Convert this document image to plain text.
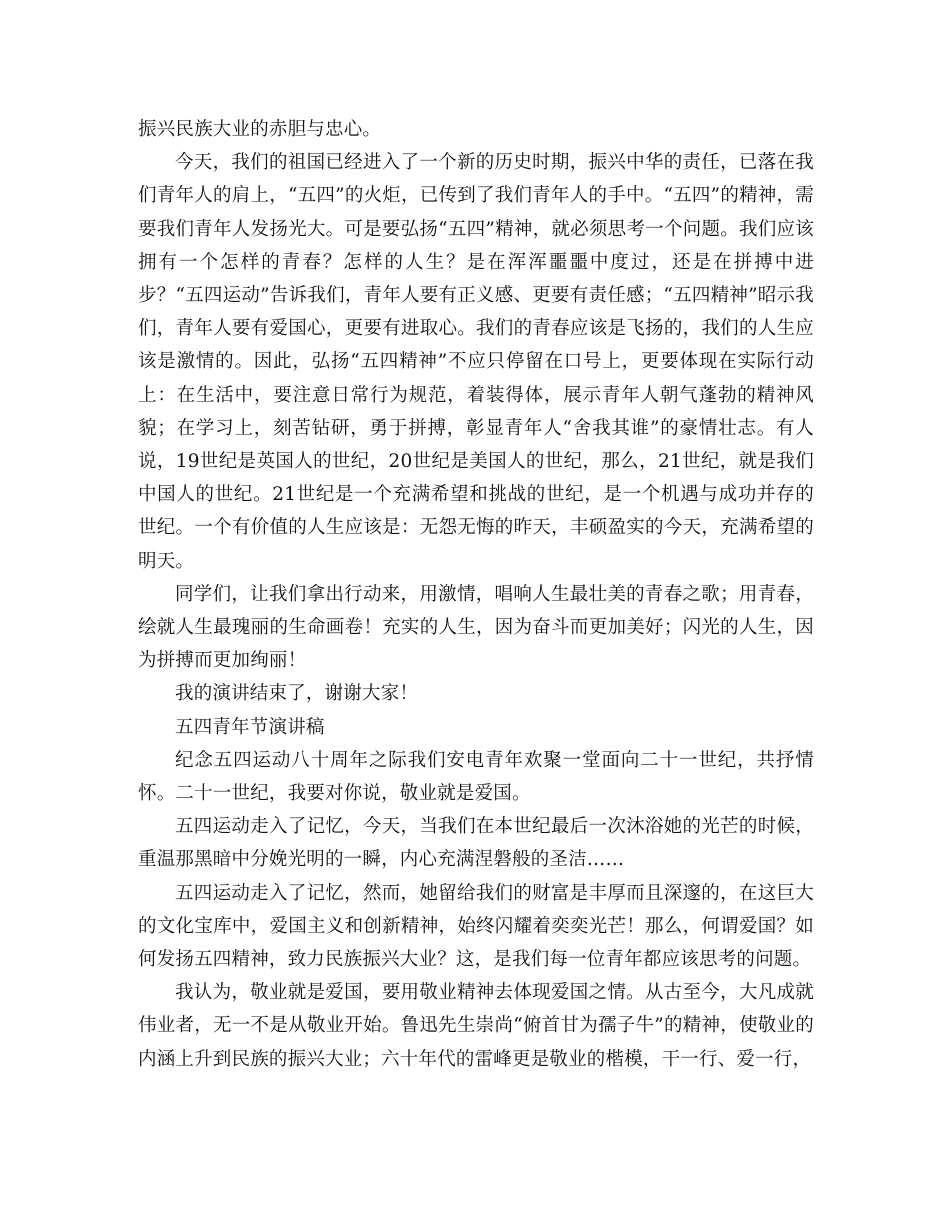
振兴民族大业的赤胆与忠心。

今天，我们的祖国已经进入了一个新的历史时期，振兴中华的责任，已落在我们青年人的肩上，“五四”的火炬，已传到了我们青年人的手中。“五四”的精神，需要我们青年人发扬光大。可是要弘扬“五四”精神，就必须思考一个问题。我们应该拥有一个怎样的青春？怎样的人生？是在浑浑噩噩中度过，还是在拼搏中进步？“五四运动”告诉我们，青年人要有正义感、更要有责任感；“五四精神”昭示我们，青年人要有爱国心，更要有进取心。我们的青春应该是飞扬的，我们的人生应该是激情的。因此，弘扬“五四精神”不应只停留在口号上，更要体现在实际行动上：在生活中，要注意日常行为规范，着装得体，展示青年人朝气蓬勃的精神风貌；在学习上，刻苦钻研，勇于拼搏，彰显青年人“舍我其谁”的豪情壮志。有人说，19世纪是英国人的世纪，20世纪是美国人的世纪，那么，21世纪，就是我们中国人的世纪。21世纪是一个充满希望和挑战的世纪，是一个机遇与成功并存的世纪。一个有价值的人生应该是：无怨无悔的昨天，丰硕盈实的今天，充满希望的明天。

同学们，让我们拿出行动来，用激情，唱响人生最壮美的青春之歌；用青春，绘就人生最瑰丽的生命画卷！充实的人生，因为奋斗而更加美好；闪光的人生，因为拼搏而更加绚丽！

我的演讲结束了，谢谢大家！

五四青年节演讲稿

纪念五四运动八十周年之际我们安电青年欢聚一堂面向二十一世纪，共抒情怀。二十一世纪，我要对你说，敬业就是爱国。

五四运动走入了记忆，今天，当我们在本世纪最后一次沐浴她的光芒的时候，重温那黑暗中分娩光明的一瞬，内心充满涅磐般的圣洁……

五四运动走入了记忆，然而，她留给我们的财富是丰厚而且深邃的，在这巨大的文化宝库中，爱国主义和创新精神，始终闪耀着奕奕光芒！那么，何谓爱国？如何发扬五四精神，致力民族振兴大业？这，是我们每一位青年都应该思考的问题。

我认为，敬业就是爱国，要用敬业精神去体现爱国之情。从古至今，大凡成就伟业者，无一不是从敬业开始。鲁迅先生崇尚“俯首甘为孺子牛”的精神，使敬业的内涵上升到民族的振兴大业；六十年代的雷峰更是敬业的楷模，干一行、爱一行，
